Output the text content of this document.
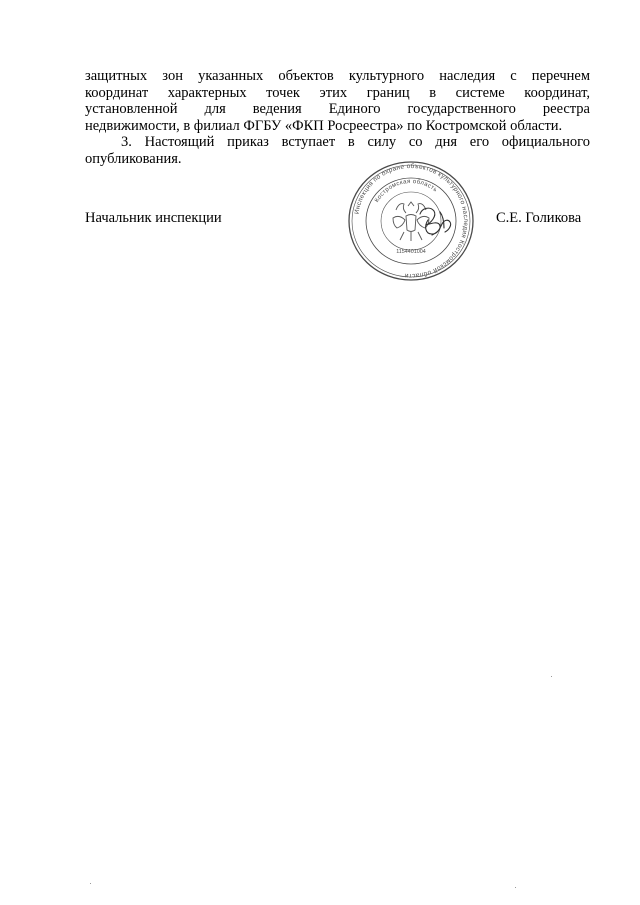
защитных зон указанных объектов культурного наследия с перечнем
координат характерных точек этих границ в системе координат,
установленной для ведения Единого государственного реестра
недвижимости, в филиал ФГБУ «ФКП Росреестра» по Костромской области.

3. Настоящий приказ вступает в силу со дня его официального
опубликования.

Начальник инспекции	С.Е. Голикова
Инспекция по охране объектов культурного наследия Костромской области
Костромская область
1154401004
